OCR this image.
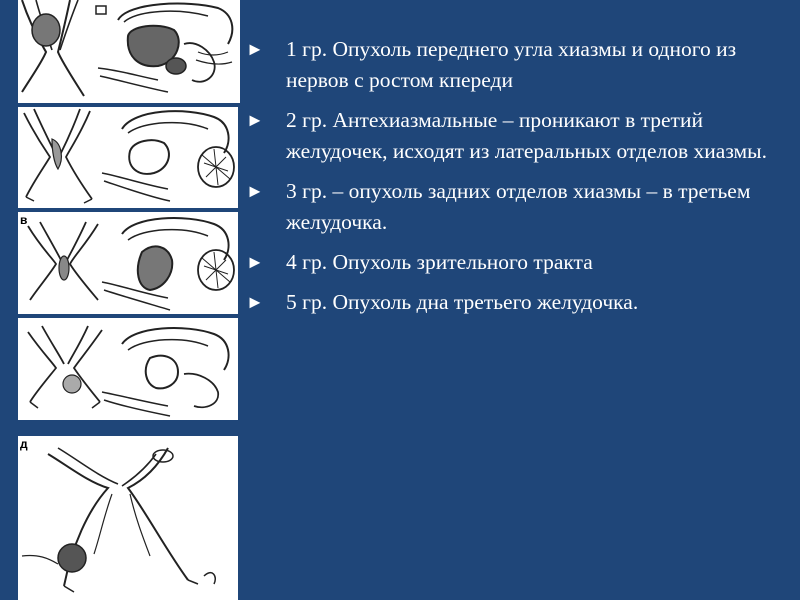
в
д
► 1 гр. Опухоль переднего угла хиазмы и одного из нервов с ростом кпереди
► 2 гр. Антехиазмальные – проникают в третий желудочек, исходят из латеральных отделов хиазмы.
► 3 гр. – опухоль задних отделов хиазмы – в третьем желудочка.
► 4 гр. Опухоль зрительного тракта
► 5 гр. Опухоль дна третьего желудочка.
